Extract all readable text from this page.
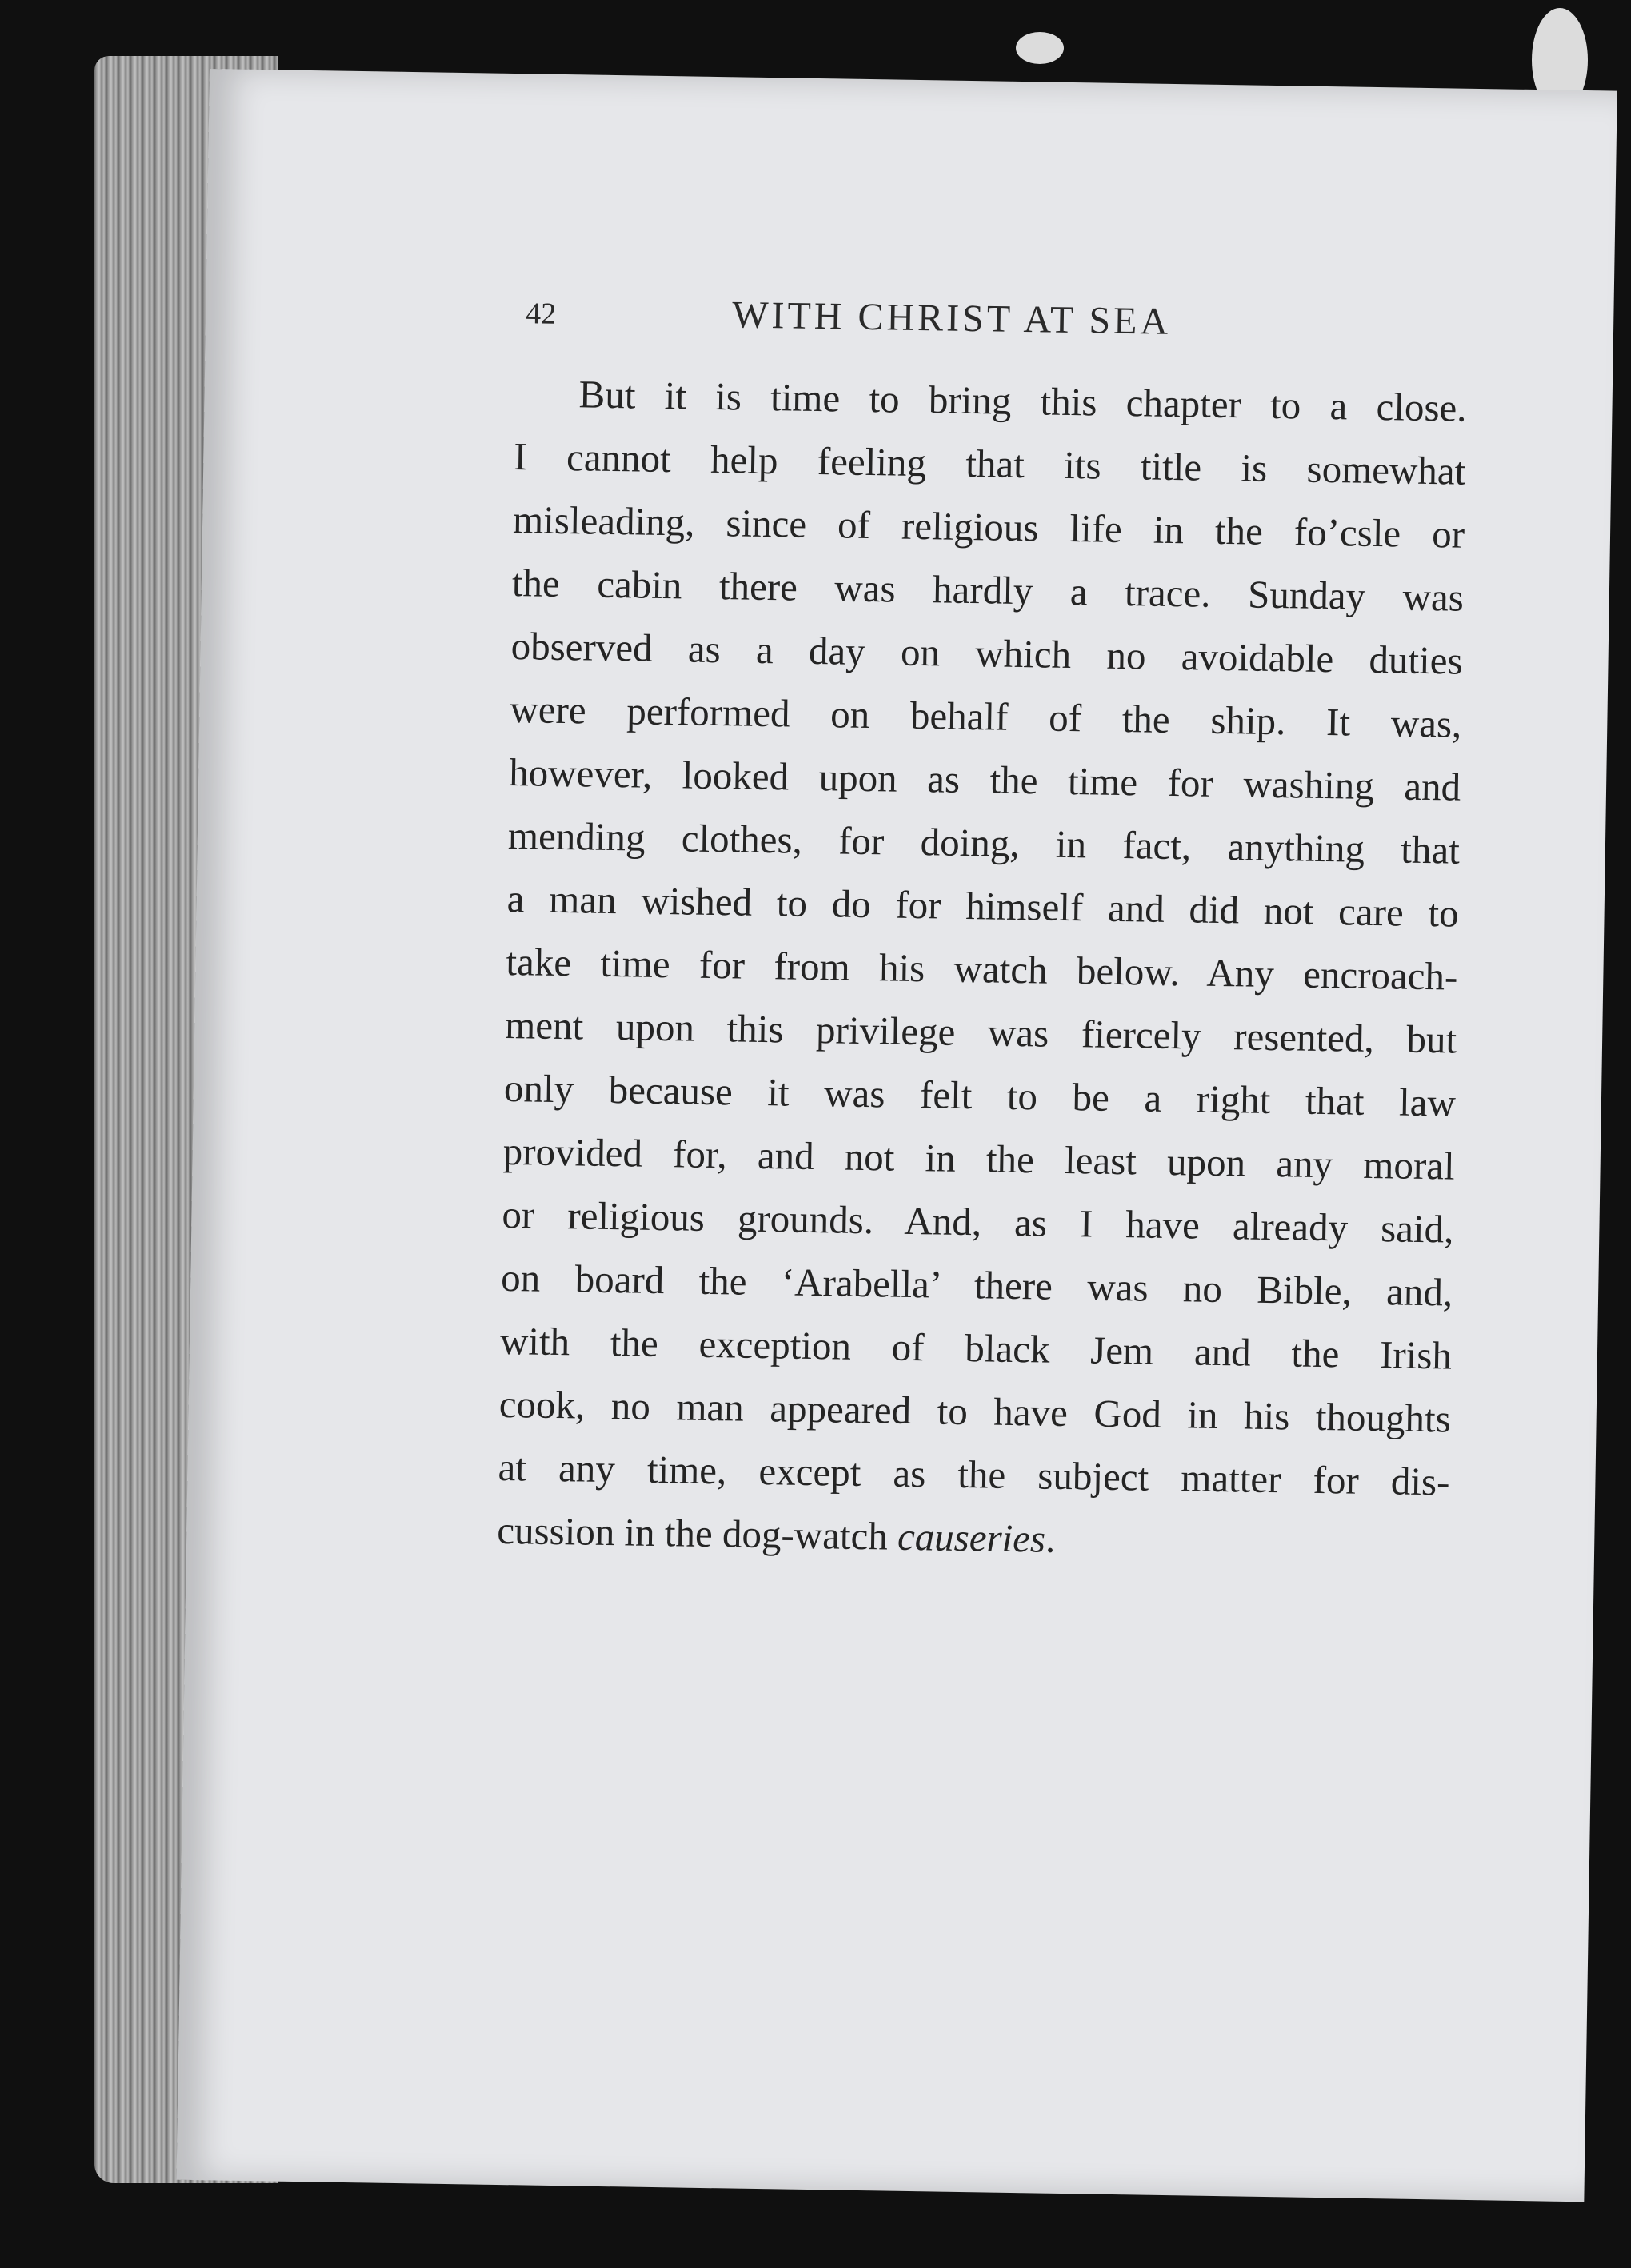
42	WITH CHRIST AT SEA
But it is time to bring this chapter to a close.
I cannot help feeling that its title is somewhat
misleading, since of religious life in the fo’csle or
the cabin there was hardly a trace. Sunday was
observed as a day on which no avoidable duties
were performed on behalf of the ship. It was,
however, looked upon as the time for washing and
mending clothes, for doing, in fact, anything that
a man wished to do for himself and did not care to
take time for from his watch below. Any encroach-
ment upon this privilege was fiercely resented, but
only because it was felt to be a right that law
provided for, and not in the least upon any moral
or religious grounds. And, as I have already said,
on board the ‘Arabella’ there was no Bible, and,
with the exception of black Jem and the Irish
cook, no man appeared to have God in his thoughts
at any time, except as the subject matter for dis-
cussion in the dog-watch causeries.
